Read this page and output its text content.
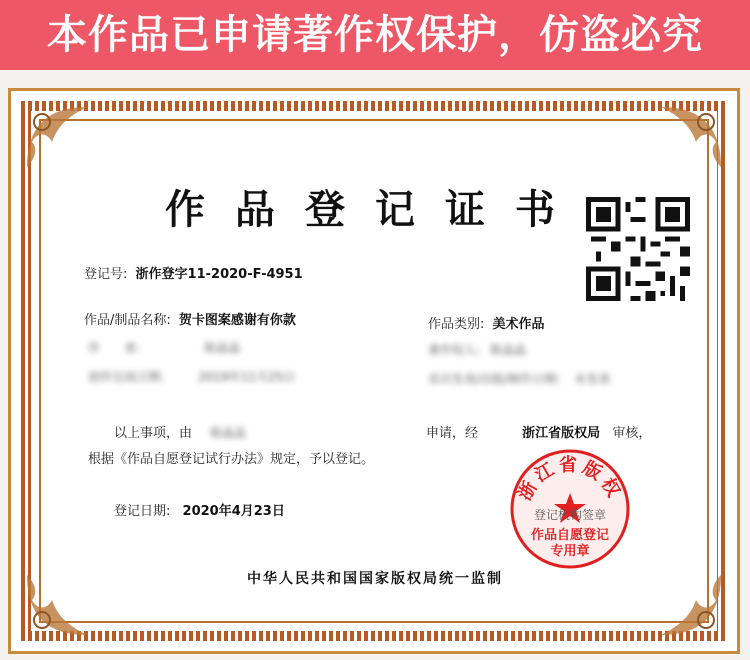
本作品已申请著作权保护，仿盗必究
作品登记证书
登记号: 浙作登字11-2020-F-4951
作品/制品名称: 贺卡图案感谢有你款	作品类别: 美术作品
作　　者:	陈晶晶	著作权人: 陈晶晶
创作完成日期:	2019年11月25日	首次发表/出版/制作日期: 未发表
以上事项，由 陈晶晶	申请，经	浙江省版权局 审核，
根据《作品自愿登记试行办法》规定，予以登记。
登记日期: 2020年4月23日
中华人民共和国国家版权局统一监制
浙江省版权
登记机构签章
作品自愿登记
专用章
